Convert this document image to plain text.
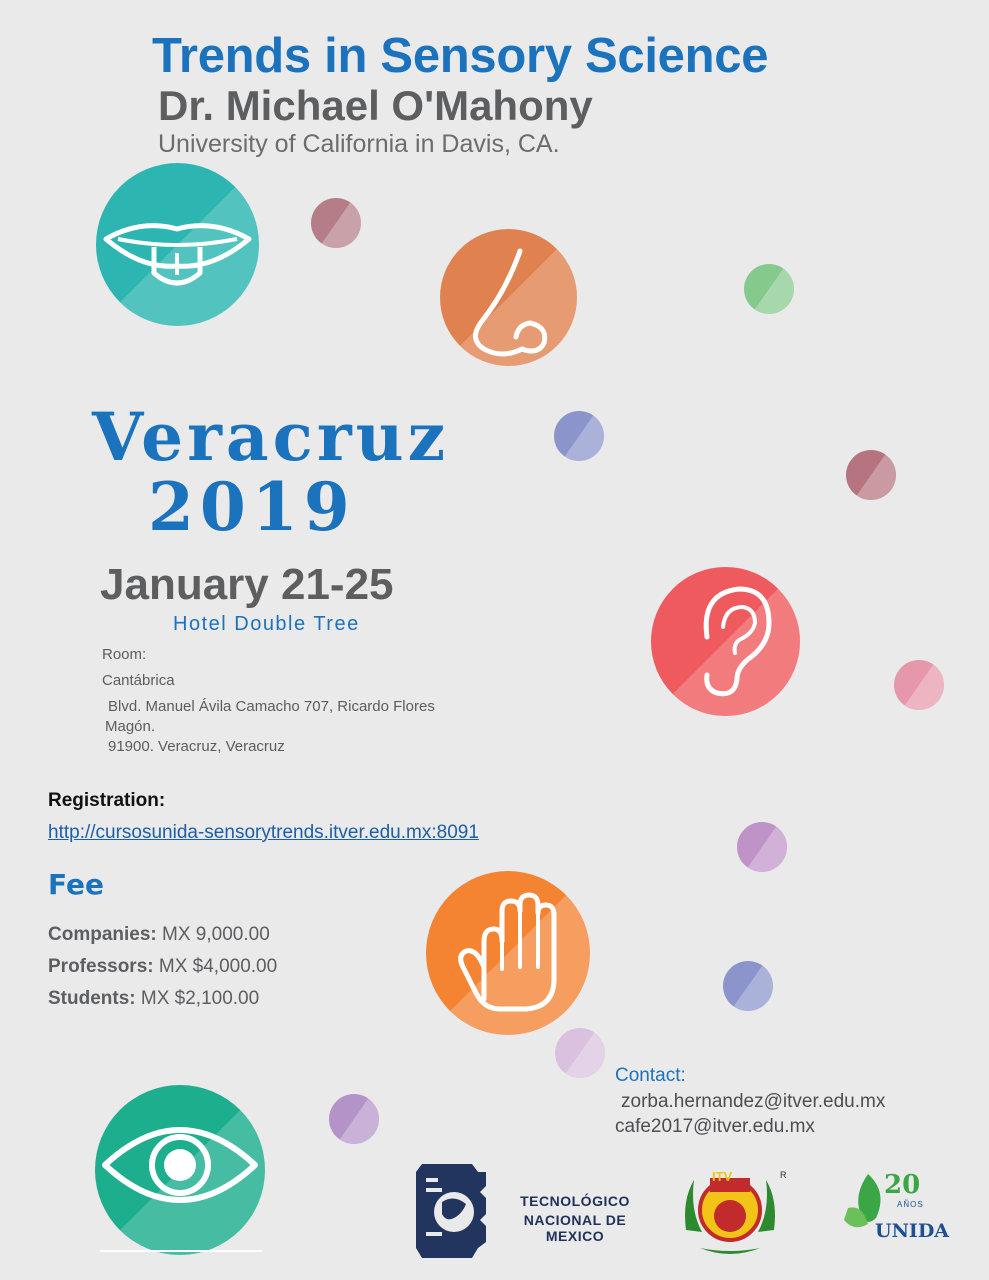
Trends in Sensory Science
Dr. Michael O'Mahony
University of California in Davis, CA.
Veracruz
2019
January 21-25
Hotel Double Tree
Room:
Cantábrica
Blvd. Manuel Ávila Camacho 707, Ricardo Flores
Magón.
91900. Veracruz, Veracruz
Registration:
http://cursosunida-sensorytrends.itver.edu.mx:8091
Fee
Companies: MX 9,000.00
Professors: MX $4,000.00
Students: MX $2,100.00
Contact:
zorba.hernandez@itver.edu.mx
cafe2017@itver.edu.mx
TECNOLÓGICO
NACIONAL DE MEXICO
ITV	R	20
AÑOS
UNIDA
